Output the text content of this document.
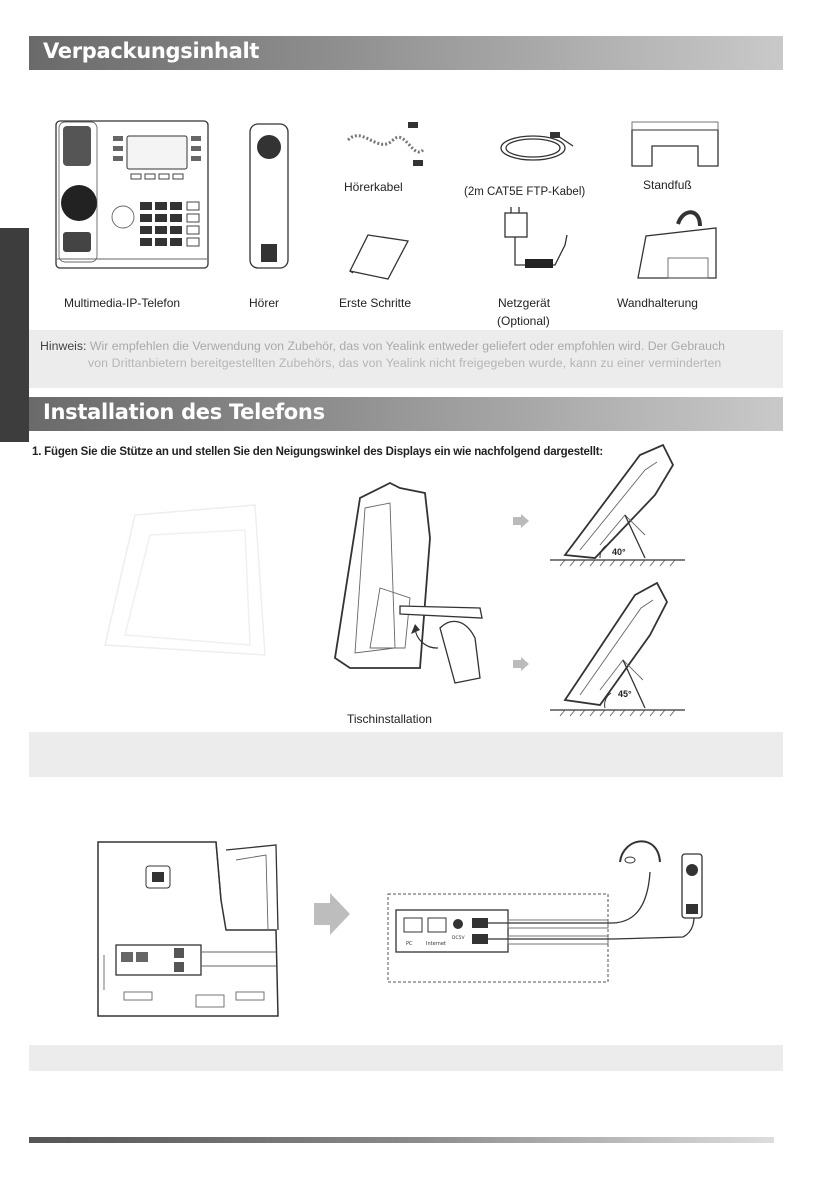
Verpackungsinhalt
Multimedia-IP-Telefon	Hörer
Hörerkabel
Erste Schritte
(2m CAT5E FTP-Kabel)
Netzgerät
(Optional)
Standfuß
Wandhalterung
Hinweis: Wir empfehlen die Verwendung von Zubehör, das von Yealink entweder geliefert oder empfohlen wird. Der Gebrauch
von Drittanbietern bereitgestellten Zubehörs, das von Yealink nicht freigegeben wurde, kann zu einer verminderten
Installation des Telefons
1. Fügen Sie die Stütze an und stellen Sie den Neigungswinkel des Displays ein wie nachfolgend dargestellt:
Tischinstallation
40°
45°
PC	Internet
DC5V
